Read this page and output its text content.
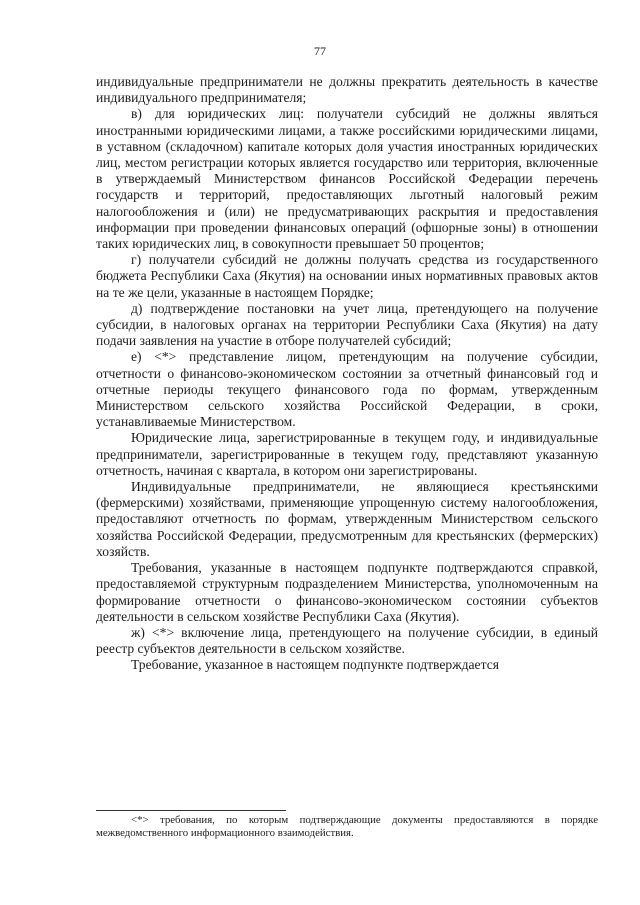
77

индивидуальные предприниматели не должны прекратить деятельность в качестве индивидуального предпринимателя;

в) для юридических лиц: получатели субсидий не должны являться иностранными юридическими лицами, а также российскими юридическими лицами, в уставном (складочном) капитале которых доля участия иностранных юридических лиц, местом регистрации которых является государство или территория, включенные в утверждаемый Министерством финансов Российской Федерации перечень государств и территорий, предоставляющих льготный налоговый режим налогообложения и (или) не предусматривающих раскрытия и предоставления информации при проведении финансовых операций (офшорные зоны) в отношении таких юридических лиц, в совокупности превышает 50 процентов;

г) получатели субсидий не должны получать средства из государственного бюджета Республики Саха (Якутия) на основании иных нормативных правовых актов на те же цели, указанные в настоящем Порядке;

д) подтверждение постановки на учет лица, претендующего на получение субсидии, в налоговых органах на территории Республики Саха (Якутия) на дату подачи заявления на участие в отборе получателей субсидий;

е) <*> представление лицом, претендующим на получение субсидии, отчетности о финансово-экономическом состоянии за отчетный финансовый год и отчетные периоды текущего финансового года по формам, утвержденным Министерством сельского хозяйства Российской Федерации, в сроки, устанавливаемые Министерством.

Юридические лица, зарегистрированные в текущем году, и индивидуальные предприниматели, зарегистрированные в текущем году, представляют указанную отчетность, начиная с квартала, в котором они зарегистрированы.

Индивидуальные предприниматели, не являющиеся крестьянскими (фермерскими) хозяйствами, применяющие упрощенную систему налогообложения, предоставляют отчетность по формам, утвержденным Министерством сельского хозяйства Российской Федерации, предусмотренным для крестьянских (фермерских) хозяйств.

Требования, указанные в настоящем подпункте подтверждаются справкой, предоставляемой структурным подразделением Министерства, уполномоченным на формирование отчетности о финансово-экономическом состоянии субъектов деятельности в сельском хозяйстве Республики Саха (Якутия).

ж) <*> включение лица, претендующего на получение субсидии, в единый реестр субъектов деятельности в сельском хозяйстве.

Требование, указанное в настоящем подпункте подтверждается

<*> требования, по которым подтверждающие документы предоставляются в порядке межведомственного информационного взаимодействия.
